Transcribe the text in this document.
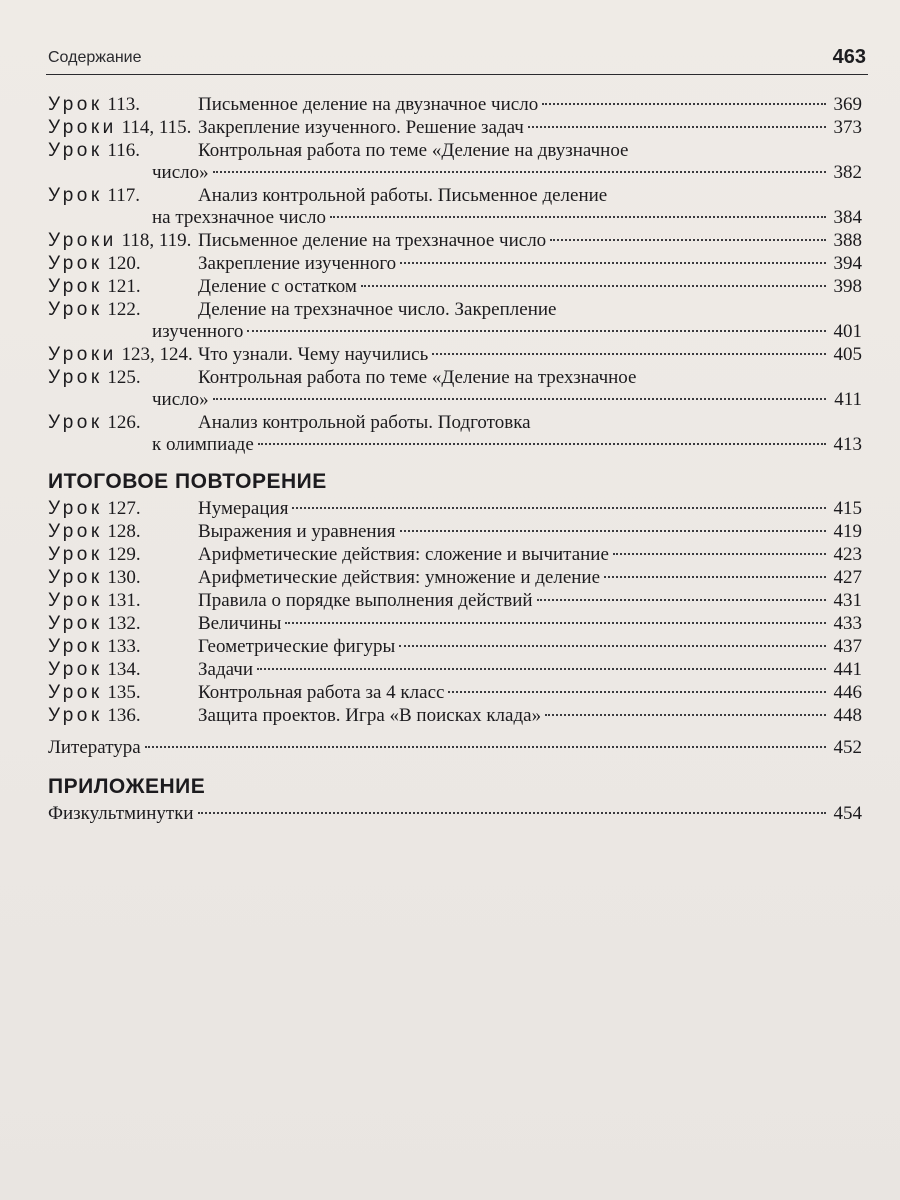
Содержание	463
Урок 113.	Письменное деление на двузначное число	369
Уроки 114, 115. Закрепление изученного. Решение задач	373
Урок 116.	Контрольная работа по теме «Деление на двузначное
число»	382
Урок 117.	Анализ контрольной работы. Письменное деление
на трехзначное число	384
Уроки 118, 119. Письменное деление на трехзначное число	388
Урок 120.	Закрепление изученного	394
Урок 121.	Деление с остатком	398
Урок 122.	Деление на трехзначное число. Закрепление
изученного	401
Уроки 123, 124. Что узнали. Чему научились	405
Урок 125.	Контрольная работа по теме «Деление на трехзначное
число»	411
Урок 126.	Анализ контрольной работы. Подготовка
к олимпиаде	413
ИТОГОВОЕ ПОВТОРЕНИЕ
Урок 127.	Нумерация	415
Урок 128.	Выражения и уравнения	419
Урок 129.	Арифметические действия: сложение и вычитание	423
Урок 130.	Арифметические действия: умножение и деление	427
Урок 131.	Правила о порядке выполнения действий	431
Урок 132.	Величины	433
Урок 133.	Геометрические фигуры	437
Урок 134.	Задачи	441
Урок 135.	Контрольная работа за 4 класс	446
Урок 136.	Защита проектов. Игра «В поисках клада»	448
Литература	452
ПРИЛОЖЕНИЕ
Физкультминутки	454
